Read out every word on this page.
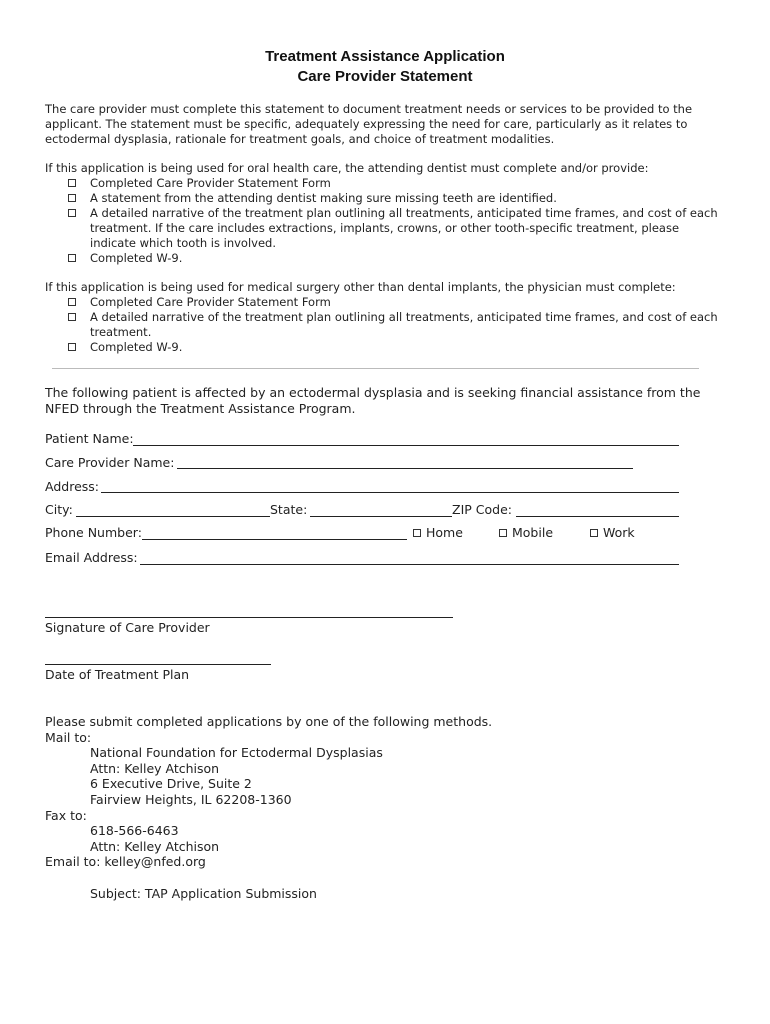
Treatment Assistance Application
Care Provider Statement

The care provider must complete this statement to document treatment needs or services to be provided to the applicant. The statement must be specific, adequately expressing the need for care, particularly as it relates to ectodermal dysplasia, rationale for treatment goals, and choice of treatment modalities.

If this application is being used for oral health care, the attending dentist must complete and/or provide:

Completed Care Provider Statement Form
A statement from the attending dentist making sure missing teeth are identified.
A detailed narrative of the treatment plan outlining all treatments, anticipated time frames, and cost of each treatment. If the care includes extractions, implants, crowns, or other tooth-specific treatment, please indicate which tooth is involved.
Completed W-9.

If this application is being used for medical surgery other than dental implants, the physician must complete:

Completed Care Provider Statement Form
A detailed narrative of the treatment plan outlining all treatments, anticipated time frames, and cost of each treatment.
Completed W-9.

The following patient is affected by an ectodermal dysplasia and is seeking financial assistance from the NFED through the Treatment Assistance Program.

Patient Name:
Care Provider Name:
Address:
City:	State:	ZIP Code:
Phone Number:	Home	Mobile	Work
Email Address:
Signature of Care Provider
Date of Treatment Plan
Please submit completed applications by one of the following methods.
Mail to:
National Foundation for Ectodermal Dysplasias
Attn: Kelley Atchison
6 Executive Drive, Suite 2
Fairview Heights, IL 62208-1360
Fax to:
618-566-6463
Attn: Kelley Atchison
Email to: kelley@nfed.org
Subject: TAP Application Submission
